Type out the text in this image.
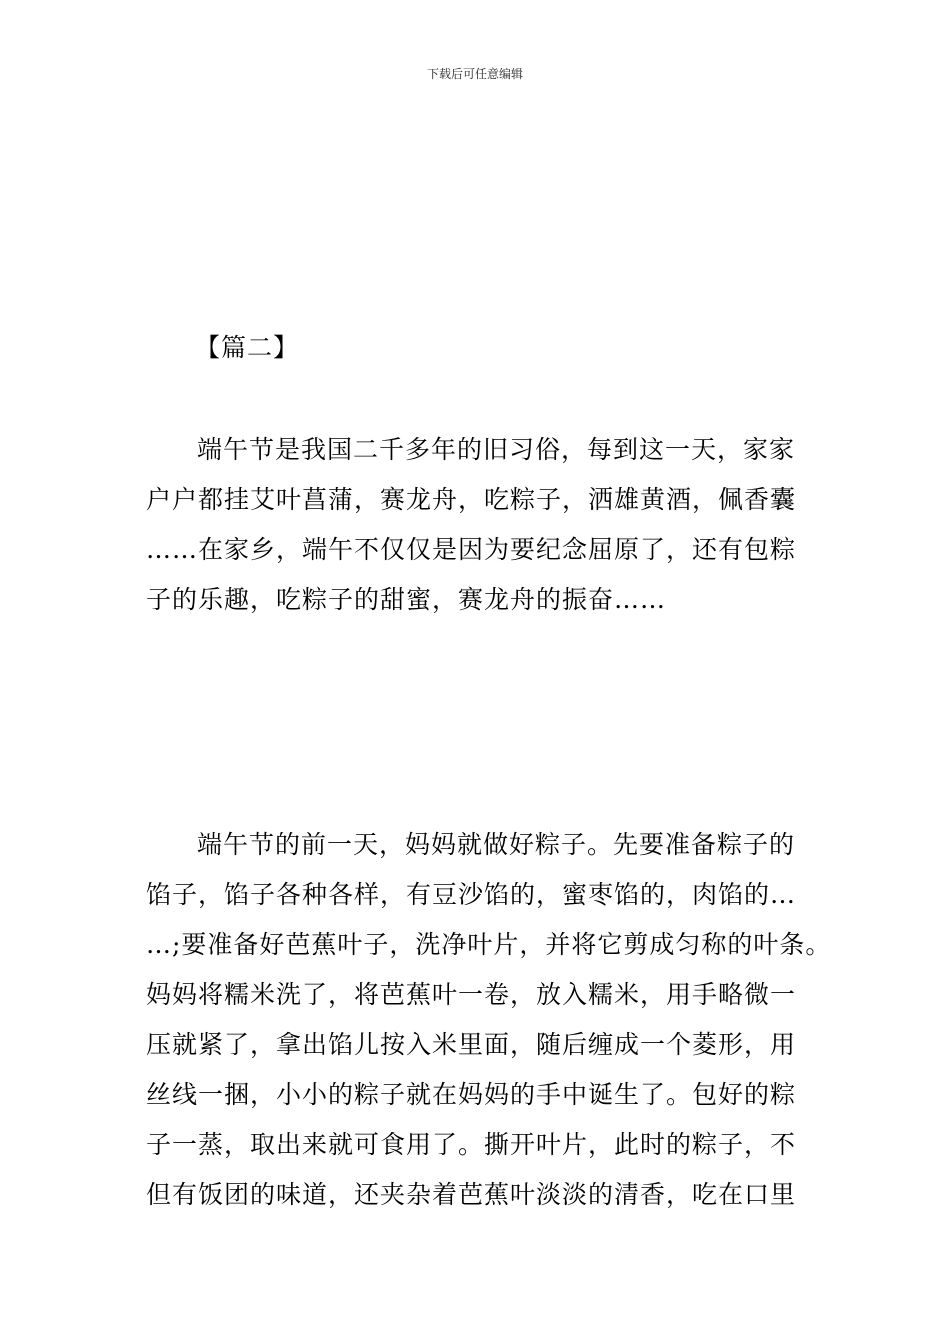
下载后可任意编辑
【篇二】
端午节是我国二千多年的旧习俗，每到这一天，家家
户户都挂艾叶菖蒲，赛龙舟，吃粽子，洒雄黄酒，佩香囊
……在家乡，端午不仅仅是因为要纪念屈原了，还有包粽
子的乐趣，吃粽子的甜蜜，赛龙舟的振奋……
端午节的前一天，妈妈就做好粽子。先要准备粽子的
馅子，馅子各种各样，有豆沙馅的，蜜枣馅的，肉馅的…
…;要准备好芭蕉叶子，洗净叶片，并将它剪成匀称的叶条。
妈妈将糯米洗了，将芭蕉叶一卷，放入糯米，用手略微一
压就紧了，拿出馅儿按入米里面，随后缠成一个菱形，用
丝线一捆，小小的粽子就在妈妈的手中诞生了。包好的粽
子一蒸，取出来就可食用了。撕开叶片，此时的粽子，不
但有饭团的味道，还夹杂着芭蕉叶淡淡的清香，吃在口里
